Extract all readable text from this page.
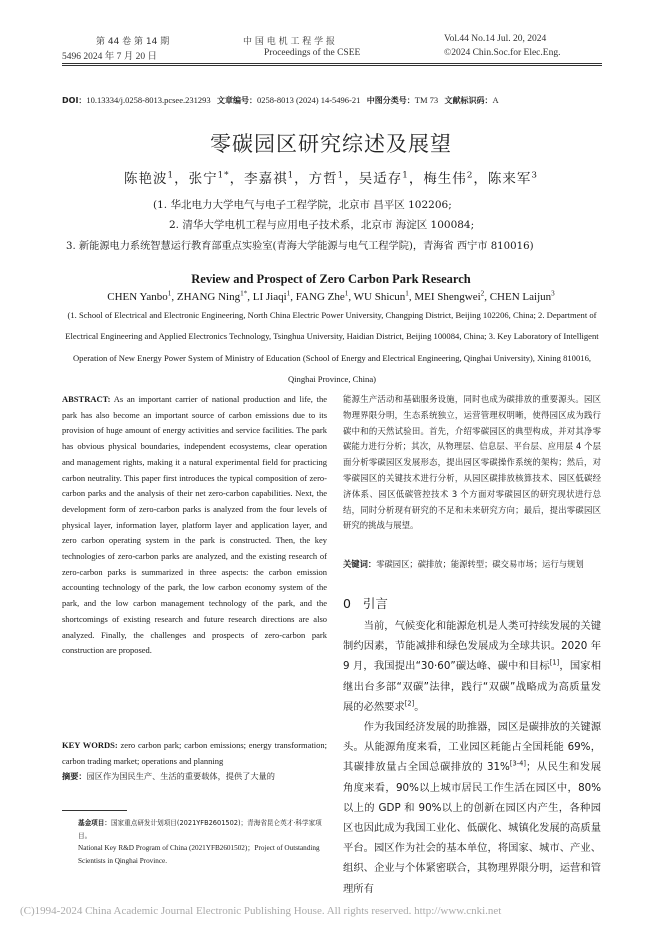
第 44 卷 第 14 期
5496 2024 年 7 月 20 日
中 国 电 机 工 程 学 报
Proceedings of the CSEE
Vol.44 No.14 Jul. 20, 2024
©2024 Chin.Soc.for Elec.Eng.
DOI：10.13334/j.0258-8013.pcsee.231293 文章编号：0258-8013 (2024) 14-5496-21 中图分类号：TM 73 文献标识码：A
零碳园区研究综述及展望
陈艳波$^1$，张宁$^{1*}$，李嘉祺$^1$，方哲$^1$，吴适存$^1$，梅生伟$^2$，陈来军$^3$
(1. 华北电力大学电气与电子工程学院，北京市 昌平区 102206;
2. 清华大学电机工程与应用电子技术系，北京市 海淀区 100084;
3. 新能源电力系统智慧运行教育部重点实验室(青海大学能源与电气工程学院)，青海省 西宁市 810016)
Review and Prospect of Zero Carbon Park Research
CHEN Yanbo$^1$, ZHANG Ning$^{1*}$, LI Jiaqi$^1$, FANG Zhe$^1$, WU Shicun$^1$, MEI Shengwei$^2$, CHEN Laijun$^3$
(1. School of Electrical and Electronic Engineering, North China Electric Power University, Changping District, Beijing 102206, China; 2. Department of Electrical Engineering and Applied Electronics Technology, Tsinghua University, Haidian District, Beijing 100084, China; 3. Key Laboratory of Intelligent Operation of New Energy Power System of Ministry of Education (School of Energy and Electrical Engineering, Qinghai University), Xining 810016, Qinghai Province, China)
ABSTRACT: As an important carrier of national production and life, the park has also become an important source of carbon emissions due to its provision of huge amount of energy activities and service facilities. The park has obvious physical boundaries, independent ecosystems, clear operation and management rights, making it a natural experimental field for practicing carbon neutrality. This paper first introduces the typical composition of zero-carbon parks and the analysis of their net zero-carbon capabilities. Next, the development form of zero-carbon parks is analyzed from the four levels of physical layer, information layer, platform layer and application layer, and zero carbon operating system in the park is constructed. Then, the key technologies of zero-carbon parks are analyzed, and the existing research of zero-carbon parks is summarized in three aspects: the carbon emission accounting technology of the park, the low carbon economy system of the park, and the low carbon management technology of the park, and the shortcomings of existing research and future research directions are also analyzed. Finally, the challenges and prospects of zero-carbon park construction are proposed.
KEY WORDS: zero carbon park; carbon emissions; energy transformation; carbon trading market; operations and planning
摘要：园区作为国民生产、生活的重要载体，提供了大量的
基金项目：国家重点研发计划项目(2021YFB2601502)；青海省昆仑英才·科学家项目。
National Key R&D Program of China (2021YFB2601502)；Project of Outstanding Scientists in Qinghai Province.
能源生产活动和基础服务设施，同时也成为碳排放的重要源头。园区物理界限分明，生态系统独立，运营管理权明晰，使得园区成为践行碳中和的天然试验田。首先，介绍零碳园区的典型构成，并对其净零碳能力进行分析；其次，从物理层、信息层、平台层、应用层 4 个层面分析零碳园区发展形态，提出园区零碳操作系统的架构；然后，对零碳园区的关键技术进行分析，从园区碳排放核算技术、园区低碳经济体系、园区低碳管控技术 3 个方面对零碳园区的研究现状进行总结，同时分析现有研究的不足和未来研究方向；最后，提出零碳园区研究的挑战与展望。
关键词：零碳园区；碳排放；能源转型；碳交易市场；运行与规划
0 引言
当前，气候变化和能源危机是人类可持续发展的关键制约因素，节能减排和绿色发展成为全球共识。2020 年 9 月，我国提出“30·60”碳达峰、碳中和目标[1]，国家相继出台多部“双碳”法律，践行“双碳”战略成为高质量发展的必然要求[2]。
作为我国经济发展的助推器，园区是碳排放的关键源头。从能源角度来看，工业园区耗能占全国耗能 69%，其碳排放量占全国总碳排放的 31%[3-4]；从民生和发展角度来看，90%以上城市居民工作生活在园区中，80%以上的 GDP 和 90%以上的创新在园区内产生，各种园区也因此成为我国工业化、低碳化、城镇化发展的高质量平台。园区作为社会的基本单位，将国家、城市、产业、组织、企业与个体紧密联合，其物理界限分明，运营和管理所有
(C)1994-2024 China Academic Journal Electronic Publishing House. All rights reserved. http://www.cnki.net
